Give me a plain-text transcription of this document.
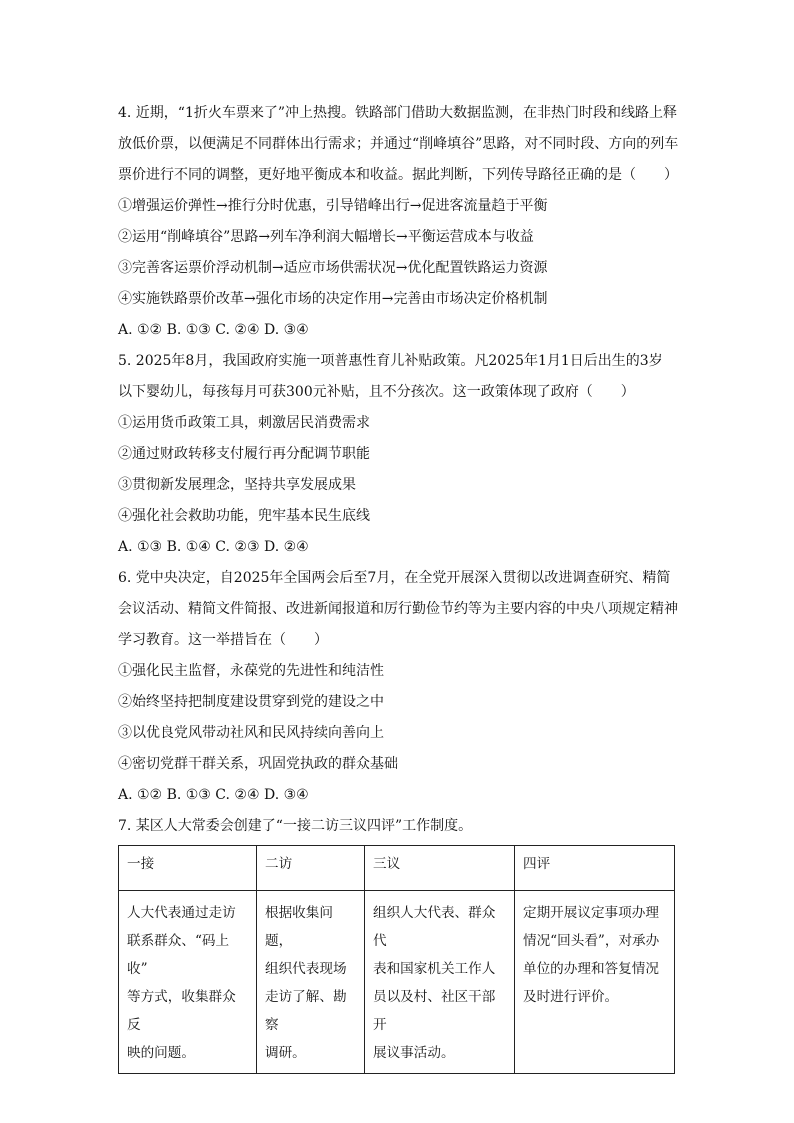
4. 近期，“1折火车票来了”冲上热搜。铁路部门借助大数据监测，在非热门时段和线路上释
放低价票，以便满足不同群体出行需求；并通过“削峰填谷”思路，对不同时段、方向的列车
票价进行不同的调整，更好地平衡成本和收益。据此判断，下列传导路径正确的是（　　）
①增强运价弹性→推行分时优惠，引导错峰出行→促进客流量趋于平衡
②运用“削峰填谷”思路→列车净利润大幅增长→平衡运营成本与收益
③完善客运票价浮动机制→适应市场供需状况→优化配置铁路运力资源
④实施铁路票价改革→强化市场的决定作用→完善由市场决定价格机制
A. ①② B. ①③ C. ②④ D. ③④
5. 2025年8月，我国政府实施一项普惠性育儿补贴政策。凡2025年1月1日后出生的3岁
以下婴幼儿，每孩每月可获300元补贴，且不分孩次。这一政策体现了政府（　　）
①运用货币政策工具，刺激居民消费需求
②通过财政转移支付履行再分配调节职能
③贯彻新发展理念，坚持共享发展成果
④强化社会救助功能，兜牢基本民生底线
A. ①③ B. ①④ C. ②③ D. ②④
6. 党中央决定，自2025年全国两会后至7月，在全党开展深入贯彻以改进调查研究、精简
会议活动、精简文件简报、改进新闻报道和厉行勤俭节约等为主要内容的中央八项规定精神
学习教育。这一举措旨在（　　）
①强化民主监督，永葆党的先进性和纯洁性
②始终坚持把制度建设贯穿到党的建设之中
③以优良党风带动社风和民风持续向善向上
④密切党群干群关系，巩固党执政的群众基础
A. ①② B. ①③ C. ②④ D. ③④
7. 某区人大常委会创建了“一接二访三议四评”工作制度。
一接	二访	三议	四评

人大代表通过走访
联系群众、“码上收”
等方式，收集群众反
映的问题。	根据收集问题，
组织代表现场
走访了解、勘察
调研。	组织人大代表、群众代
表和国家机关工作人
员以及村、社区干部开
展议事活动。	定期开展议定事项办理
情况“回头看”，对承办
单位的办理和答复情况
及时进行评价。
